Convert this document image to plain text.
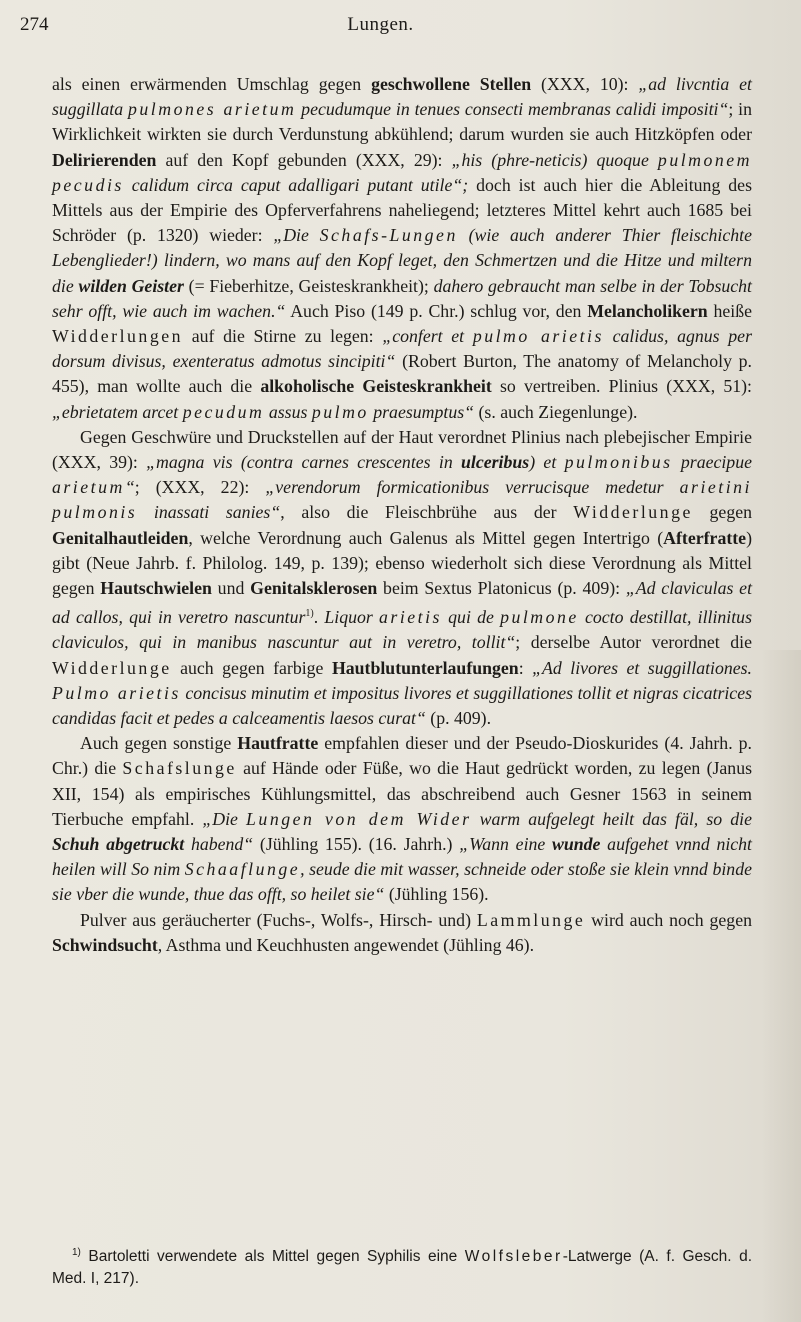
274	Lungen.

als einen erwärmenden Umschlag gegen geschwollene Stellen (XXX, 10): „ad livcntia et suggillata pulmones arietum pecudumque in tenues consecti membranas calidi impositi“; in Wirklichkeit wirkten sie durch Verdunstung abkühlend; darum wurden sie auch Hitzköpfen oder Delirierenden auf den Kopf gebunden (XXX, 29): „his (phre-neticis) quoque pulmonem pecudis calidum circa caput adalligari putant utile“; doch ist auch hier die Ableitung des Mittels aus der Empirie des Opferverfahrens naheliegend; letzteres Mittel kehrt auch 1685 bei Schröder (p. 1320) wieder: „Die Schafs-Lungen (wie auch anderer Thier fleischichte Lebenglieder!) lindern, wo mans auf den Kopf leget, den Schmertzen und die Hitze und miltern die wilden Geister (= Fieberhitze, Geisteskrankheit); dahero gebraucht man selbe in der Tobsucht sehr offt, wie auch im wachen.“ Auch Piso (149 p. Chr.) schlug vor, den Melancholikern heiße Widderlungen auf die Stirne zu legen: „confert et pulmo arietis calidus, agnus per dorsum divisus, exenteratus admotus sincipiti“ (Robert Burton, The anatomy of Melancholy p. 455), man wollte auch die alkoholische Geisteskrankheit so vertreiben. Plinius (XXX, 51): „ebrietatem arcet pecudum assus pulmo praesumptus“ (s. auch Ziegenlunge).

Gegen Geschwüre und Druckstellen auf der Haut verordnet Plinius nach plebejischer Empirie (XXX, 39): „magna vis (contra carnes crescentes in ulceribus) et pulmonibus praecipue arietum“; (XXX, 22): „verendorum formicationibus verrucisque medetur arietini pulmonis inassati sanies“, also die Fleischbrühe aus der Widderlunge gegen Genitalhautleiden, welche Verordnung auch Galenus als Mittel gegen Intertrigo (Afterfratte) gibt (Neue Jahrb. f. Philolog. 149, p. 139); ebenso wiederholt sich diese Verordnung als Mittel gegen Hautschwielen und Genitalsklerosen beim Sextus Platonicus (p. 409): „Ad claviculas et ad callos, qui in veretro nascuntur$^{1)}$. Liquor arietis qui de pulmone cocto destillat, illinitus claviculos, qui in manibus nascuntur aut in veretro, tollit“; derselbe Autor verordnet die Widderlunge auch gegen farbige Hautblutunterlaufungen: „Ad livores et suggillationes. Pulmo arietis concisus minutim et impositus livores et suggillationes tollit et nigras cicatrices candidas facit et pedes a calceamentis laesos curat“ (p. 409).

Auch gegen sonstige Hautfratte empfahlen dieser und der Pseudo-Dioskurides (4. Jahrh. p. Chr.) die Schafslunge auf Hände oder Füße, wo die Haut gedrückt worden, zu legen (Janus XII, 154) als empirisches Kühlungsmittel, das abschreibend auch Gesner 1563 in seinem Tierbuche empfahl. „Die Lungen von dem Wider warm aufgelegt heilt das fäl, so die Schuh abgetruckt habend“ (Jühling 155). (16. Jahrh.) „Wann eine wunde aufgehet vnnd nicht heilen will So nim Schaaflunge, seude die mit wasser, schneide oder stoße sie klein vnnd binde sie vber die wunde, thue das offt, so heilet sie“ (Jühling 156).

Pulver aus geräucherter (Fuchs-, Wolfs-, Hirsch- und) Lammlunge wird auch noch gegen Schwindsucht, Asthma und Keuchhusten angewendet (Jühling 46).

$^{1)}$ Bartoletti verwendete als Mittel gegen Syphilis eine Wolfsleber-Latwerge (A. f. Gesch. d. Med. I, 217).
